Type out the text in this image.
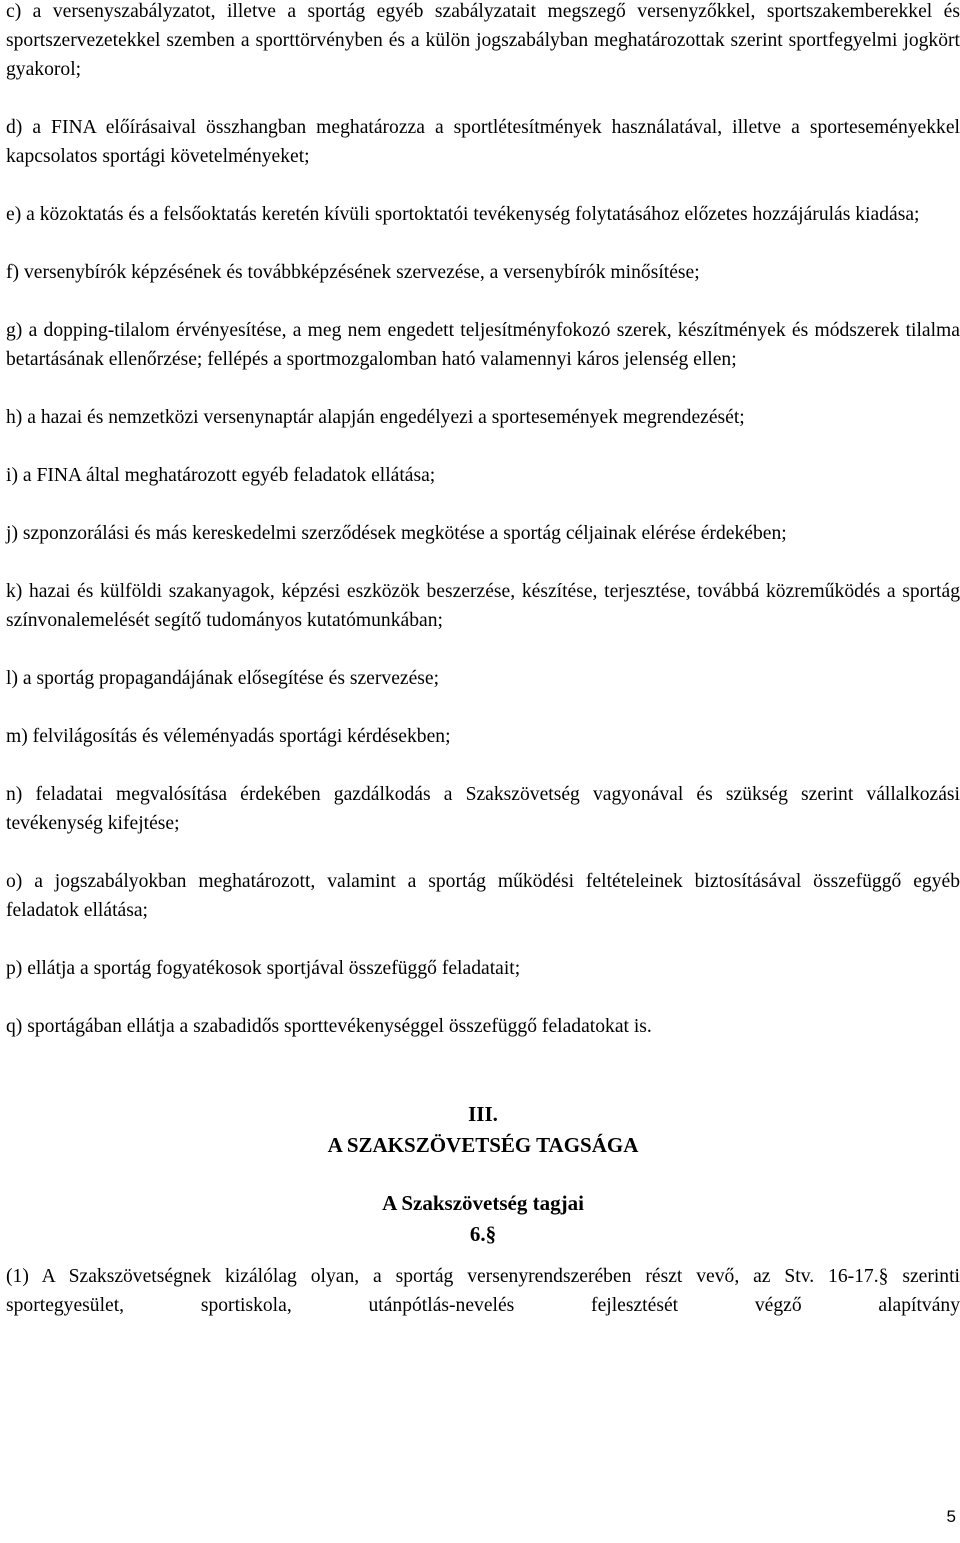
c) a versenyszabályzatot, illetve a sportág egyéb szabályzatait megszegő versenyzőkkel, sportszakemberekkel és sportszervezetekkel szemben a sporttörvényben és a külön jogszabályban meghatározottak szerint sportfegyelmi jogkört gyakorol;

d) a FINA előírásaival összhangban meghatározza a sportlétesítmények használatával, illetve a sporteseményekkel kapcsolatos sportági követelményeket;

e) a közoktatás és a felsőoktatás keretén kívüli sportoktatói tevékenység folytatásához előzetes hozzájárulás kiadása;

f) versenybírók képzésének és továbbképzésének szervezése, a versenybírók minősítése;

g) a dopping-tilalom érvényesítése, a meg nem engedett teljesítményfokozó szerek, készítmények és módszerek tilalma betartásának ellenőrzése; fellépés a sportmozgalomban ható valamennyi káros jelenség ellen;

h) a hazai és nemzetközi versenynaptár alapján engedélyezi a sportesemények megrendezését;

i) a FINA által meghatározott egyéb feladatok ellátása;

j) szponzorálási és más kereskedelmi szerződések megkötése a sportág céljainak elérése érdekében;

k) hazai és külföldi szakanyagok, képzési eszközök beszerzése, készítése, terjesztése, továbbá közreműködés a sportág színvonalemelését segítő tudományos kutatómunkában;

l) a sportág propagandájának elősegítése és szervezése;

m) felvilágosítás és véleményadás sportági kérdésekben;

n) feladatai megvalósítása érdekében gazdálkodás a Szakszövetség vagyonával és szükség szerint vállalkozási tevékenység kifejtése;

o) a jogszabályokban meghatározott, valamint a sportág működési feltételeinek biztosításával összefüggő egyéb feladatok ellátása;

p) ellátja a sportág fogyatékosok sportjával összefüggő feladatait;

q) sportágában ellátja a szabadidős sporttevékenységgel összefüggő feladatokat is.

III.
A SZAKSZÖVETSÉG TAGSÁGA
A Szakszövetség tagjai
6.§

(1) A Szakszövetségnek kizálólag olyan, a sportág versenyrendszerében részt vevő, az Stv. 16-17.§ szerinti sportegyesület, sportiskola, utánpótlás-nevelés fejlesztését végző alapítvány

5
